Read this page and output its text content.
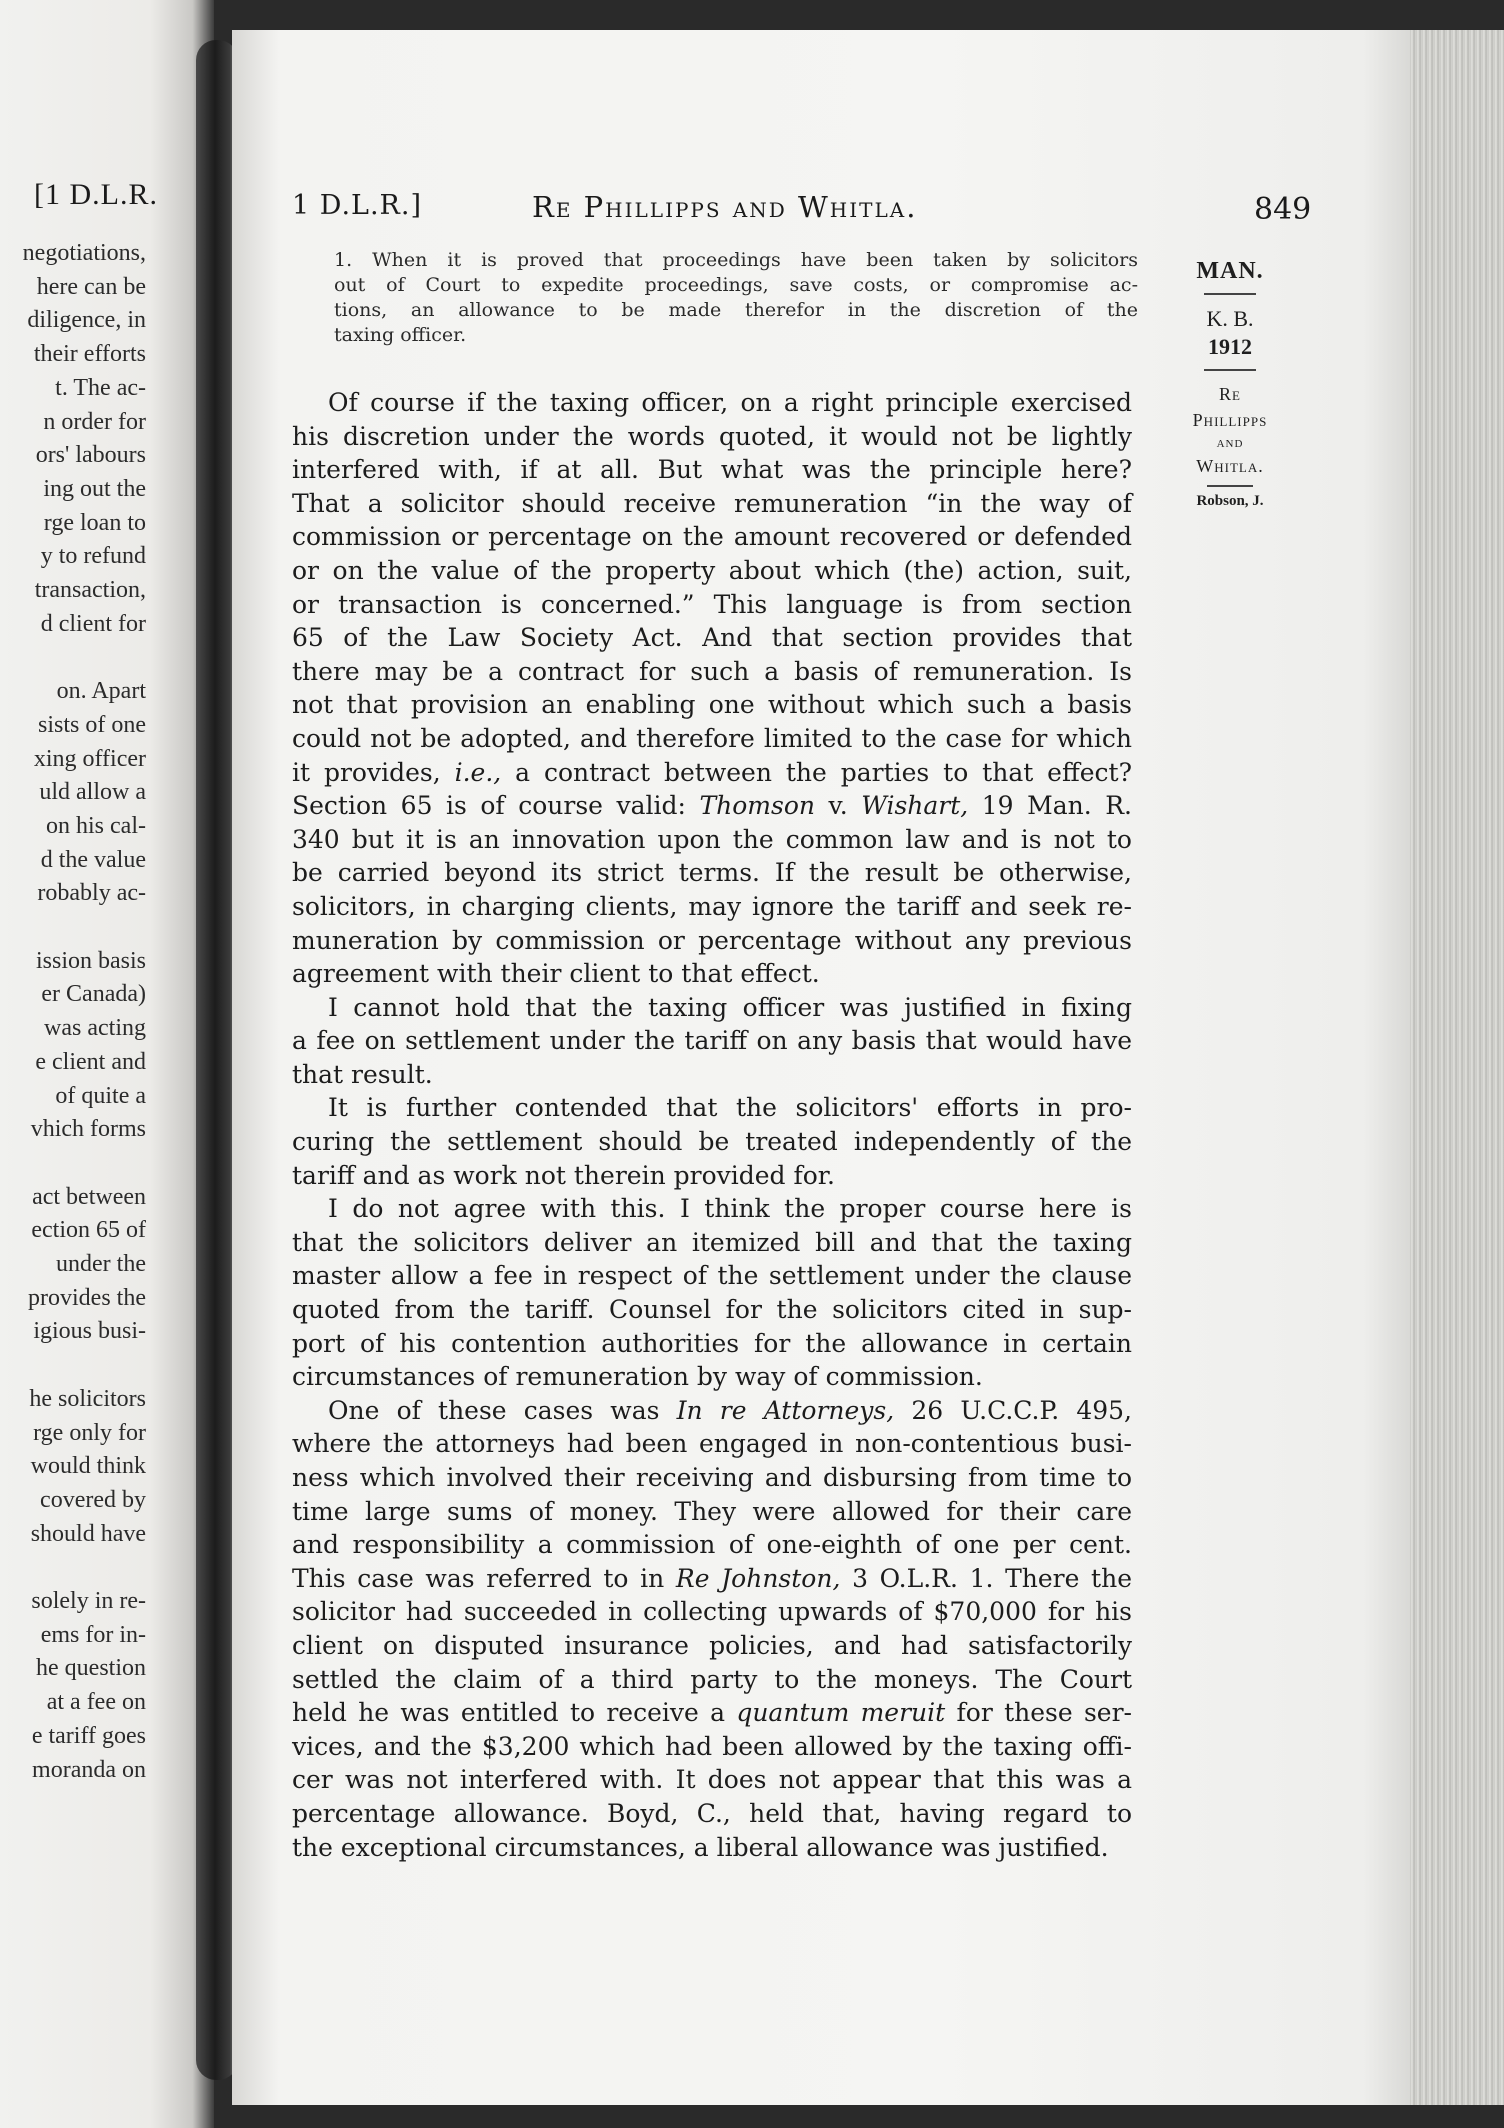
[1 D.L.R.
negotiations,
here can be
diligence, in
their efforts
t. The ac-
n order for
ors' labours
ing out the
rge loan to
y to refund
transaction,
d client for
on. Apart
sists of one
xing officer
uld allow a
on his cal-
d the value
robably ac-
ission basis
er Canada)
was acting
e client and
of quite a
vhich forms
act between
ection 65 of
under the
provides the
igious busi-
he solicitors
rge only for
would think
covered by
should have
solely in re-
ems for in-
he question
at a fee on
e tariff goes
moranda on
1 D.L.R.]	Re Phillipps and Whitla.	849
1. When it is proved that proceedings have been taken by solicitors
out of Court to expedite proceedings, save costs, or compromise ac-
tions, an allowance to be made therefor in the discretion of the
taxing officer.
MAN.
K. B.
1912
Re
Phillipps
and
Whitla.
Robson, J.
Of course if the taxing officer, on a right principle exercised
his discretion under the words quoted, it would not be lightly
interfered with, if at all. But what was the principle here?
That a solicitor should receive remuneration “in the way of
commission or percentage on the amount recovered or defended
or on the value of the property about which (the) action, suit,
or transaction is concerned.” This language is from section
65 of the Law Society Act. And that section provides that
there may be a contract for such a basis of remuneration. Is
not that provision an enabling one without which such a basis
could not be adopted, and therefore limited to the case for which
it provides, i.e., a contract between the parties to that effect?
Section 65 is of course valid: Thomson v. Wishart, 19 Man. R.
340 but it is an innovation upon the common law and is not to
be carried beyond its strict terms. If the result be otherwise,
solicitors, in charging clients, may ignore the tariff and seek re-
muneration by commission or percentage without any previous
agreement with their client to that effect.
I cannot hold that the taxing officer was justified in fixing
a fee on settlement under the tariff on any basis that would have
that result.
It is further contended that the solicitors' efforts in pro-
curing the settlement should be treated independently of the
tariff and as work not therein provided for.
I do not agree with this. I think the proper course here is
that the solicitors deliver an itemized bill and that the taxing
master allow a fee in respect of the settlement under the clause
quoted from the tariff. Counsel for the solicitors cited in sup-
port of his contention authorities for the allowance in certain
circumstances of remuneration by way of commission.
One of these cases was In re Attorneys, 26 U.C.C.P. 495,
where the attorneys had been engaged in non-contentious busi-
ness which involved their receiving and disbursing from time to
time large sums of money. They were allowed for their care
and responsibility a commission of one-eighth of one per cent.
This case was referred to in Re Johnston, 3 O.L.R. 1. There the
solicitor had succeeded in collecting upwards of $70,000 for his
client on disputed insurance policies, and had satisfactorily
settled the claim of a third party to the moneys. The Court
held he was entitled to receive a quantum meruit for these ser-
vices, and the $3,200 which had been allowed by the taxing offi-
cer was not interfered with. It does not appear that this was a
percentage allowance. Boyd, C., held that, having regard to
the exceptional circumstances, a liberal allowance was justified.
